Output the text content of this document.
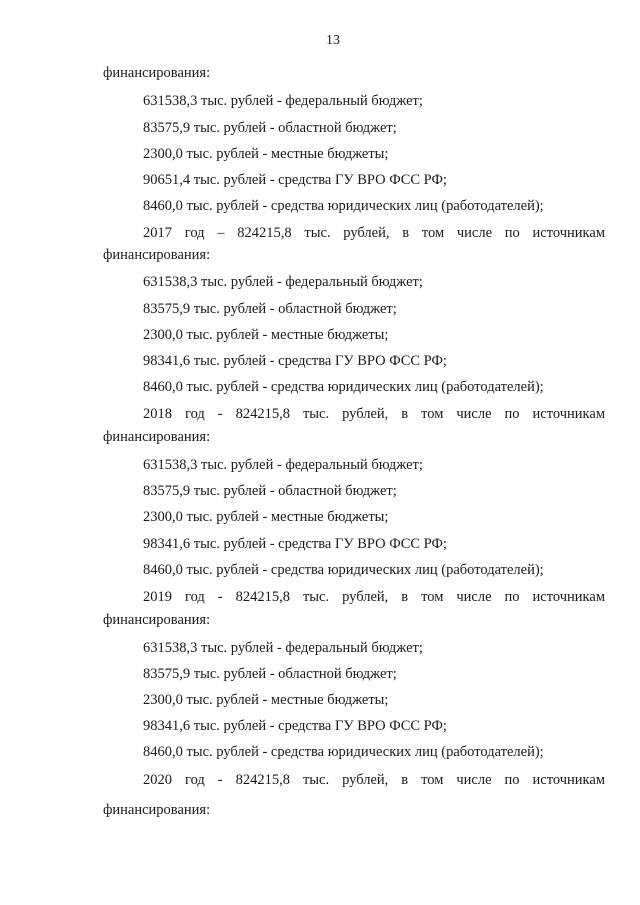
13
финансирования:
631538,3 тыс. рублей - федеральный бюджет;
83575,9 тыс. рублей - областной бюджет;
2300,0 тыс. рублей - местные бюджеты;
90651,4 тыс. рублей - средства ГУ ВРО ФСС РФ;
8460,0 тыс. рублей - средства юридических лиц (работодателей);
2017 год – 824215,8 тыс. рублей, в том числе по источникам
финансирования:
631538,3 тыс. рублей - федеральный бюджет;
83575,9 тыс. рублей - областной бюджет;
2300,0 тыс. рублей - местные бюджеты;
98341,6 тыс. рублей - средства ГУ ВРО ФСС РФ;
8460,0 тыс. рублей - средства юридических лиц (работодателей);
2018 год - 824215,8 тыс. рублей, в том числе по источникам
финансирования:
631538,3 тыс. рублей - федеральный бюджет;
83575,9 тыс. рублей - областной бюджет;
2300,0 тыс. рублей - местные бюджеты;
98341,6 тыс. рублей - средства ГУ ВРО ФСС РФ;
8460,0 тыс. рублей - средства юридических лиц (работодателей);
2019 год - 824215,8 тыс. рублей, в том числе по источникам
финансирования:
631538,3 тыс. рублей - федеральный бюджет;
83575,9 тыс. рублей - областной бюджет;
2300,0 тыс. рублей - местные бюджеты;
98341,6 тыс. рублей - средства ГУ ВРО ФСС РФ;
8460,0 тыс. рублей - средства юридических лиц (работодателей);
2020 год - 824215,8 тыс. рублей, в том числе по источникам
финансирования:
